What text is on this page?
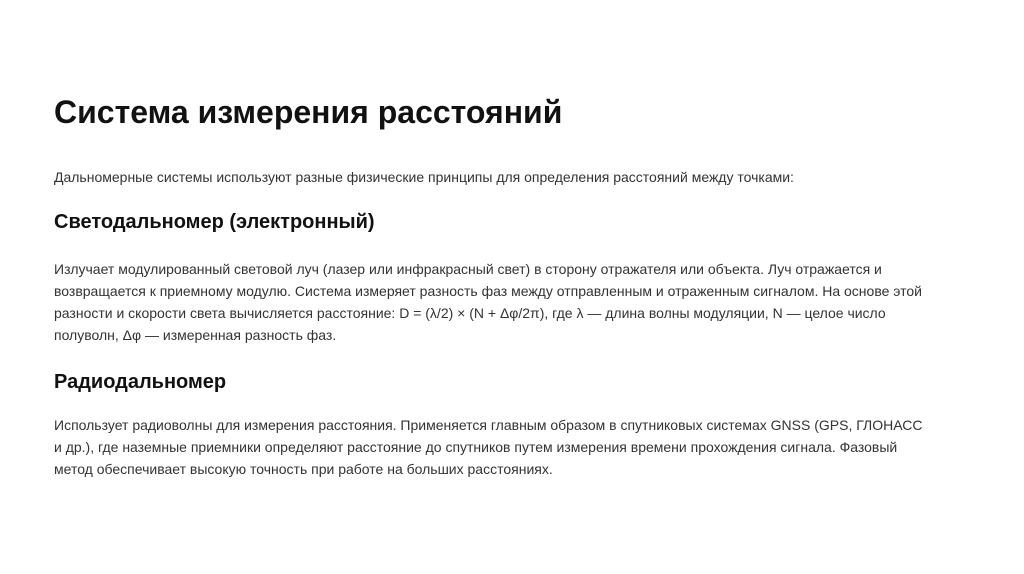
Система измерения расстояний

Дальномерные системы используют разные физические принципы для определения расстояний между точками:

Светодальномер (электронный)

Излучает модулированный световой луч (лазер или инфракрасный свет) в сторону отражателя или объекта. Луч отражается и
возвращается к приемному модулю. Система измеряет разность фаз между отправленным и отраженным сигналом. На основе этой
разности и скорости света вычисляется расстояние: D = (λ/2) × (N + Δφ/2π), где λ — длина волны модуляции, N — целое число
полуволн, Δφ — измеренная разность фаз.

Радиодальномер

Использует радиоволны для измерения расстояния. Применяется главным образом в спутниковых системах GNSS (GPS, ГЛОНАСС
и др.), где наземные приемники определяют расстояние до спутников путем измерения времени прохождения сигнала. Фазовый
метод обеспечивает высокую точность при работе на больших расстояниях.
